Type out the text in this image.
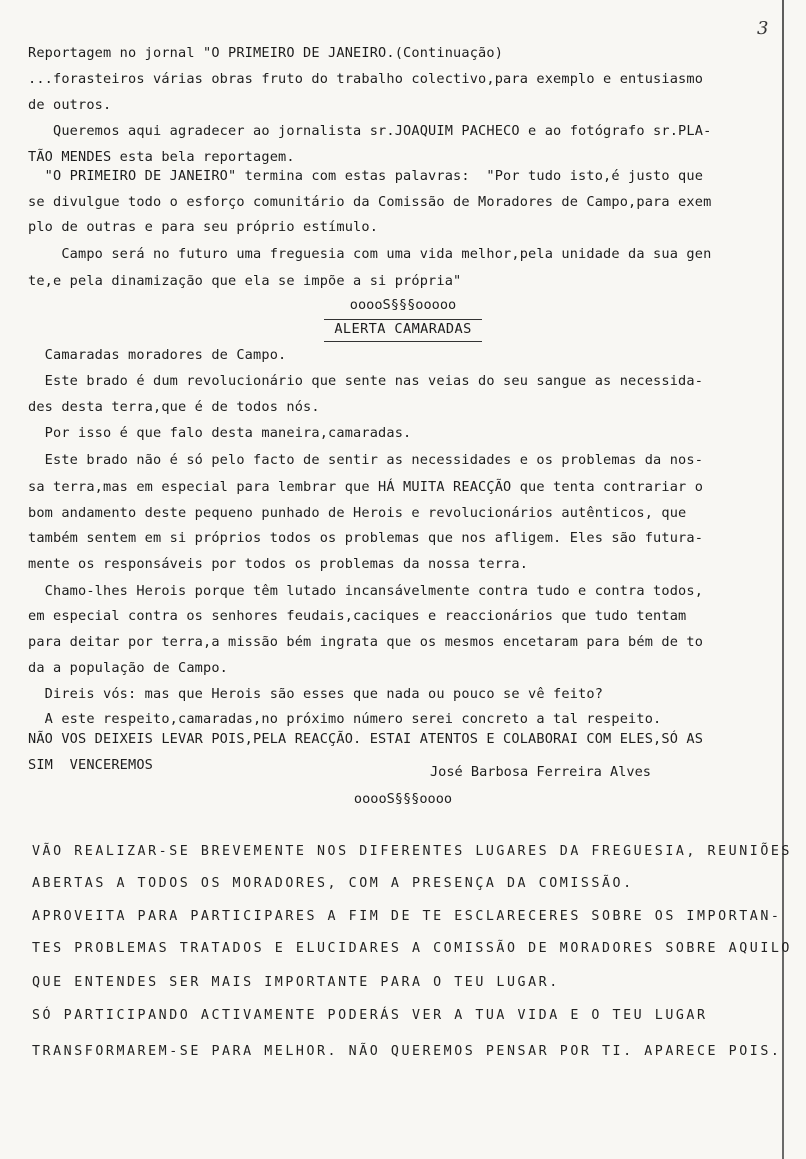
3
Reportagem no jornal "O PRIMEIRO DE JANEIRO.(Continuação)
...forasteiros várias obras fruto do trabalho colectivo,para exemplo e entusiasmo
de outros.
Queremos aqui agradecer ao jornalista sr.JOAQUIM PACHECO e ao fotógrafo sr.PLA-
TÃO MENDES esta bela reportagem.
"O PRIMEIRO DE JANEIRO" termina com estas palavras:  "Por tudo isto,é justo que
se divulgue todo o esforço comunitário da Comissão de Moradores de Campo,para exem
plo de outras e para seu próprio estímulo.
Campo será no futuro uma freguesia com uma vida melhor,pela unidade da sua gen
te,e pela dinamização que ela se impõe a si própria"
ooooS§§§ooooo
ALERTA CAMARADAS
Camaradas moradores de Campo.
Este brado é dum revolucionário que sente nas veias do seu sangue as necessida-
des desta terra,que é de todos nós.
Por isso é que falo desta maneira,camaradas.
Este brado não é só pelo facto de sentir as necessidades e os problemas da nos-
sa terra,mas em especial para lembrar que HÁ MUITA REACÇÃO que tenta contrariar o
bom andamento deste pequeno punhado de Herois e revolucionários autênticos, que
também sentem em si próprios todos os problemas que nos afligem. Eles são futura-
mente os responsáveis por todos os problemas da nossa terra.
Chamo-lhes Herois porque têm lutado incansávelmente contra tudo e contra todos,
em especial contra os senhores feudais,caciques e reaccionários que tudo tentam
para deitar por terra,a missão bém ingrata que os mesmos encetaram para bém de to
da a população de Campo.
Direis vós: mas que Herois são esses que nada ou pouco se vê feito?
A este respeito,camaradas,no próximo número serei concreto a tal respeito.
NÃO VOS DEIXEIS LEVAR POIS,PELA REACÇÃO. ESTAI ATENTOS E COLABORAI COM ELES,SÓ AS
SIM  VENCEREMOS	José Barbosa Ferreira Alves
ooooS§§§oooo
VÃO REALIZAR-SE BREVEMENTE NOS DIFERENTES LUGARES DA FREGUESIA, REUNIÕES
ABERTAS A TODOS OS MORADORES, COM A PRESENÇA DA COMISSÃO.
APROVEITA PARA PARTICIPARES A FIM DE TE ESCLARECERES SOBRE OS IMPORTAN-
TES PROBLEMAS TRATADOS E ELUCIDARES A COMISSÃO DE MORADORES SOBRE AQUILO
QUE ENTENDES SER MAIS IMPORTANTE PARA O TEU LUGAR.
SÓ PARTICIPANDO ACTIVAMENTE PODERÁS VER A TUA VIDA E O TEU LUGAR
TRANSFORMAREM-SE PARA MELHOR. NÃO QUEREMOS PENSAR POR TI. APARECE POIS.
